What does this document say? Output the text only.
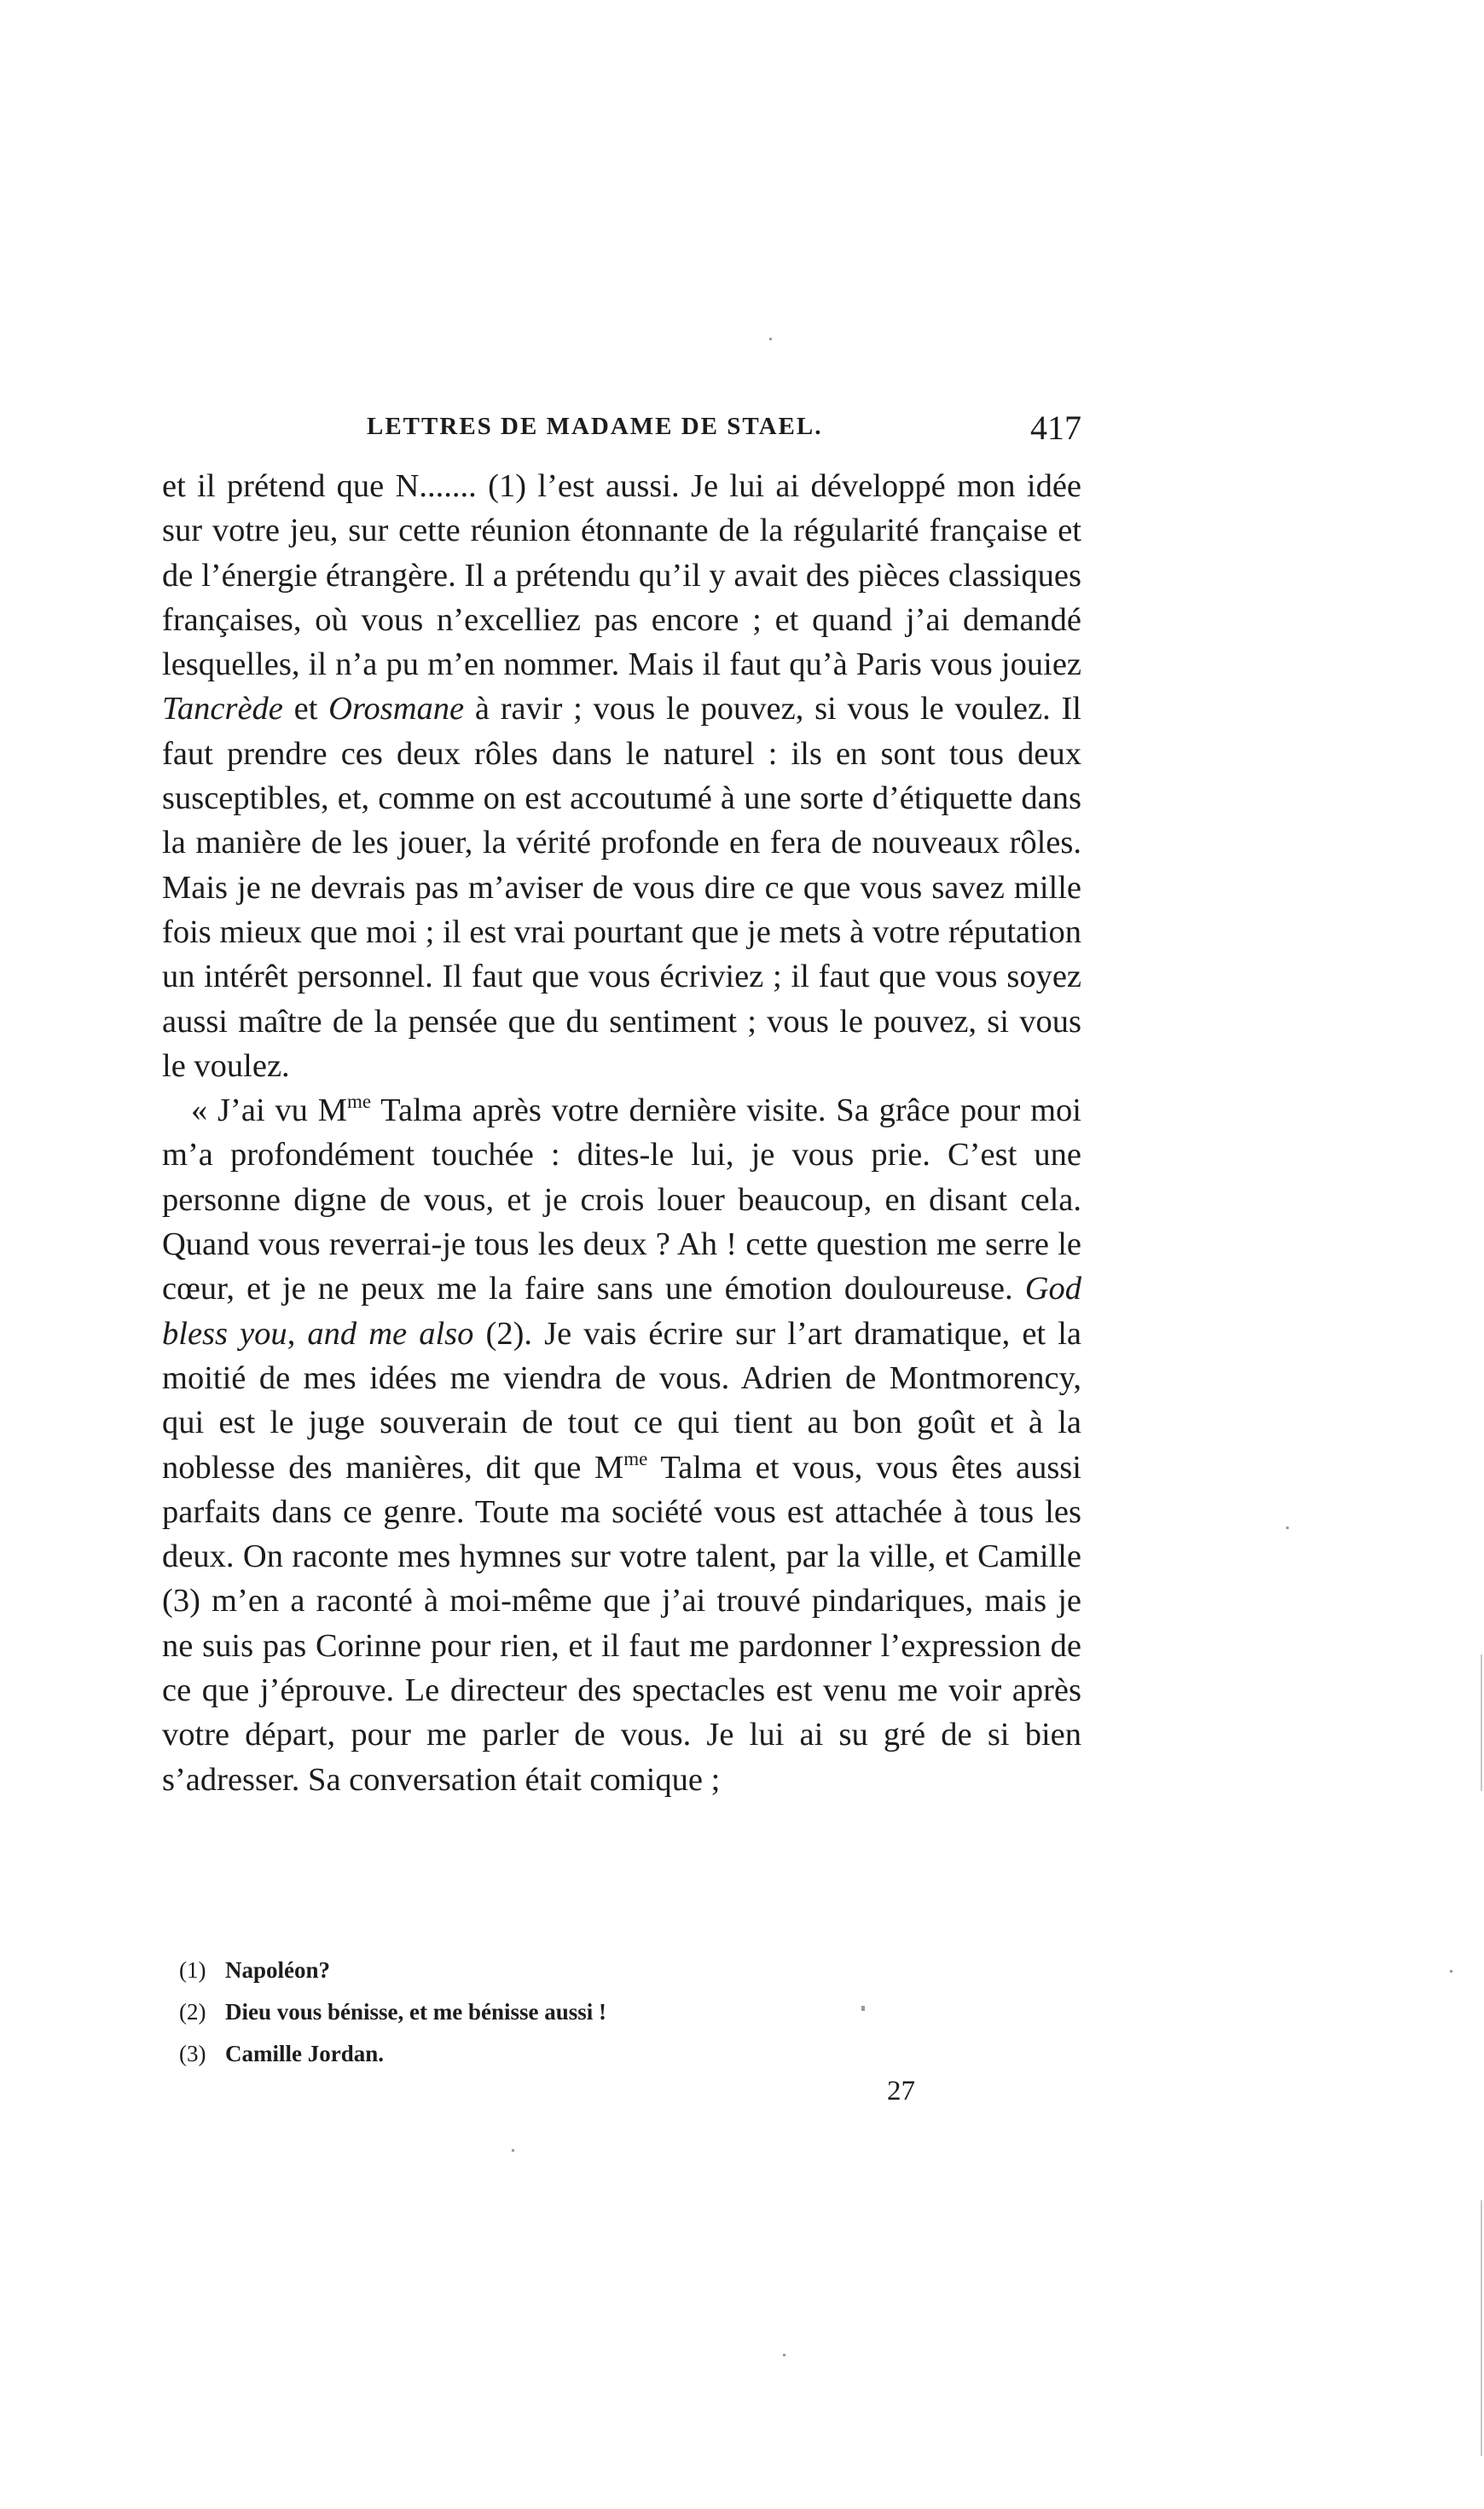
LETTRES DE MADAME DE STAEL.	417

et il prétend que N....... (1) l’est aussi. Je lui ai développé mon idée sur votre jeu, sur cette réunion étonnante de la régularité française et de l’énergie étrangère. Il a prétendu qu’il y avait des pièces classiques françaises, où vous n’excelliez pas encore ; et quand j’ai demandé lesquelles, il n’a pu m’en nommer. Mais il faut qu’à Paris vous jouiez Tancrède et Orosmane à ravir ; vous le pouvez, si vous le voulez. Il faut prendre ces deux rôles dans le naturel : ils en sont tous deux susceptibles, et, comme on est accoutumé à une sorte d’étiquette dans la manière de les jouer, la vérité profonde en fera de nouveaux rôles. Mais je ne devrais pas m’aviser de vous dire ce que vous savez mille fois mieux que moi ; il est vrai pourtant que je mets à votre réputation un intérêt personnel. Il faut que vous écriviez ; il faut que vous soyez aussi maître de la pensée que du sentiment ; vous le pouvez, si vous le voulez.

« J’ai vu $M^{me}$ Talma après votre dernière visite. Sa grâce pour moi m’a profondément touchée : dites-le lui, je vous prie. C’est une personne digne de vous, et je crois louer beaucoup, en disant cela. Quand vous reverrai-je tous les deux ? Ah ! cette question me serre le cœur, et je ne peux me la faire sans une émotion douloureuse. God bless you, and me also (2). Je vais écrire sur l’art dramatique, et la moitié de mes idées me viendra de vous. Adrien de Montmorency, qui est le juge souverain de tout ce qui tient au bon goût et à la noblesse des manières, dit que $M^{me}$ Talma et vous, vous êtes aussi parfaits dans ce genre. Toute ma société vous est attachée à tous les deux. On raconte mes hymnes sur votre talent, par la ville, et Camille (3) m’en a raconté à moi-même que j’ai trouvé pindariques, mais je ne suis pas Corinne pour rien, et il faut me pardonner l’expression de ce que j’éprouve. Le directeur des spectacles est venu me voir après votre départ, pour me parler de vous. Je lui ai su gré de si bien s’adresser. Sa conversation était comique ;

(1) Napoléon?
(2) Dieu vous bénisse, et me bénisse aussi !
(3) Camille Jordan.
27
